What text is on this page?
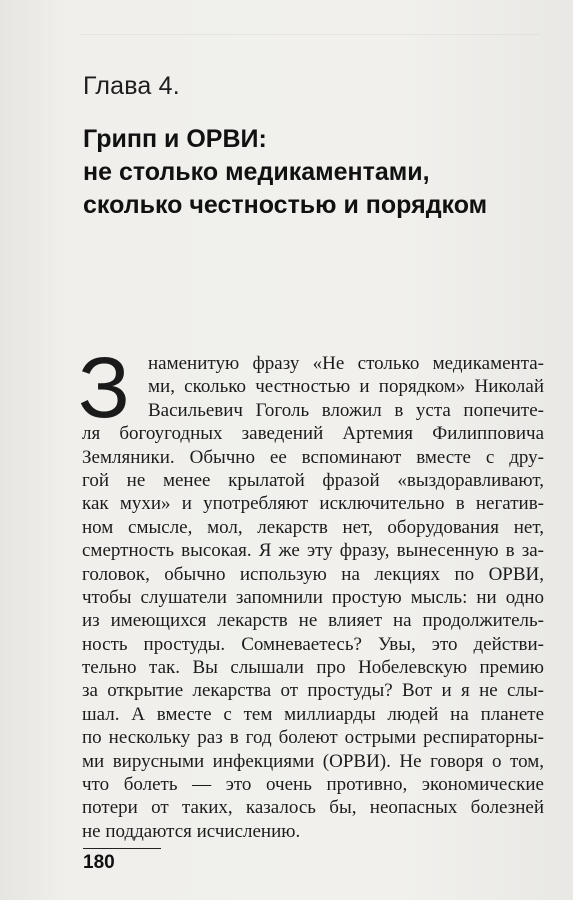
Глава 4.
Грипп и ОРВИ:
не столько медикаментами,
сколько честностью и порядком
З наменитую фразу «Не столько медикамента-
ми, сколько честностью и порядком» Николай
Васильевич Гоголь вложил в уста попечите-
ля богоугодных заведений Артемия Филипповича
Земляники. Обычно ее вспоминают вместе с дру-
гой не менее крылатой фразой «выздоравливают,
как мухи» и употребляют исключительно в негатив-
ном смысле, мол, лекарств нет, оборудования нет,
смертность высокая. Я же эту фразу, вынесенную в за-
головок, обычно использую на лекциях по ОРВИ,
чтобы слушатели запомнили простую мысль: ни одно
из имеющихся лекарств не влияет на продолжитель-
ность простуды. Сомневаетесь? Увы, это действи-
тельно так. Вы слышали про Нобелевскую премию
за открытие лекарства от простуды? Вот и я не слы-
шал. А вместе с тем миллиарды людей на планете
по нескольку раз в год болеют острыми респираторны-
ми вирусными инфекциями (ОРВИ). Не говоря о том,
что болеть — это очень противно, экономические
потери от таких, казалось бы, неопасных болезней
не поддаются исчислению.
180
